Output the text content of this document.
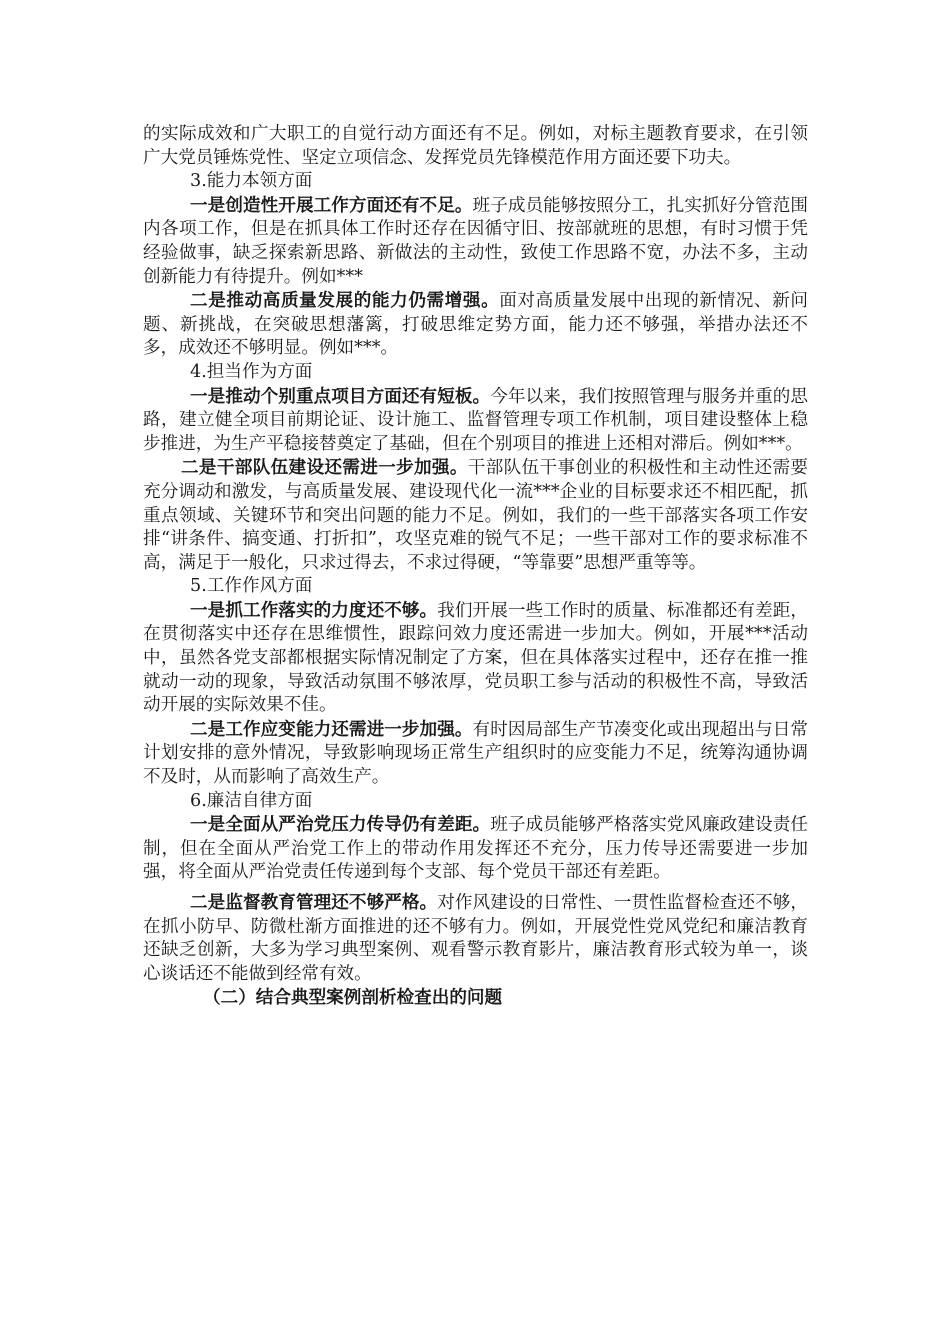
的实际成效和广大职工的自觉行动方面还有不足。例如，对标主题教育要求，在引领广大党员锤炼党性、坚定立项信念、发挥党员先锋模范作用方面还要下功夫。

3.能力本领方面

一是创造性开展工作方面还有不足。班子成员能够按照分工，扎实抓好分管范围内各项工作，但是在抓具体工作时还存在因循守旧、按部就班的思想，有时习惯于凭经验做事，缺乏探索新思路、新做法的主动性，致使工作思路不宽，办法不多，主动创新能力有待提升。例如***

二是推动高质量发展的能力仍需增强。面对高质量发展中出现的新情况、新问题、新挑战，在突破思想藩篱，打破思维定势方面，能力还不够强，举措办法还不多，成效还不够明显。例如***。

4.担当作为方面

一是推动个别重点项目方面还有短板。今年以来，我们按照管理与服务并重的思路，建立健全项目前期论证、设计施工、监督管理专项工作机制，项目建设整体上稳步推进，为生产平稳接替奠定了基础，但在个别项目的推进上还相对滞后。例如***。

二是干部队伍建设还需进一步加强。干部队伍干事创业的积极性和主动性还需要充分调动和激发，与高质量发展、建设现代化一流***企业的目标要求还不相匹配，抓重点领域、关键环节和突出问题的能力不足。例如，我们的一些干部落实各项工作安排“讲条件、搞变通、打折扣”，攻坚克难的锐气不足；一些干部对工作的要求标准不高，满足于一般化，只求过得去，不求过得硬，“等靠要”思想严重等等。

5.工作作风方面

一是抓工作落实的力度还不够。我们开展一些工作时的质量、标准都还有差距，在贯彻落实中还存在思维惯性，跟踪问效力度还需进一步加大。例如，开展***活动中，虽然各党支部都根据实际情况制定了方案，但在具体落实过程中，还存在推一推就动一动的现象，导致活动氛围不够浓厚，党员职工参与活动的积极性不高，导致活动开展的实际效果不佳。

二是工作应变能力还需进一步加强。有时因局部生产节凑变化或出现超出与日常计划安排的意外情况，导致影响现场正常生产组织时的应变能力不足，统筹沟通协调不及时，从而影响了高效生产。

6.廉洁自律方面

一是全面从严治党压力传导仍有差距。班子成员能够严格落实党风廉政建设责任制，但在全面从严治党工作上的带动作用发挥还不充分，压力传导还需要进一步加强，将全面从严治党责任传递到每个支部、每个党员干部还有差距。

二是监督教育管理还不够严格。对作风建设的日常性、一贯性监督检查还不够，在抓小防早、防微杜渐方面推进的还不够有力。例如，开展党性党风党纪和廉洁教育还缺乏创新，大多为学习典型案例、观看警示教育影片，廉洁教育形式较为单一，谈心谈话还不能做到经常有效。

（二）结合典型案例剖析检查出的问题
